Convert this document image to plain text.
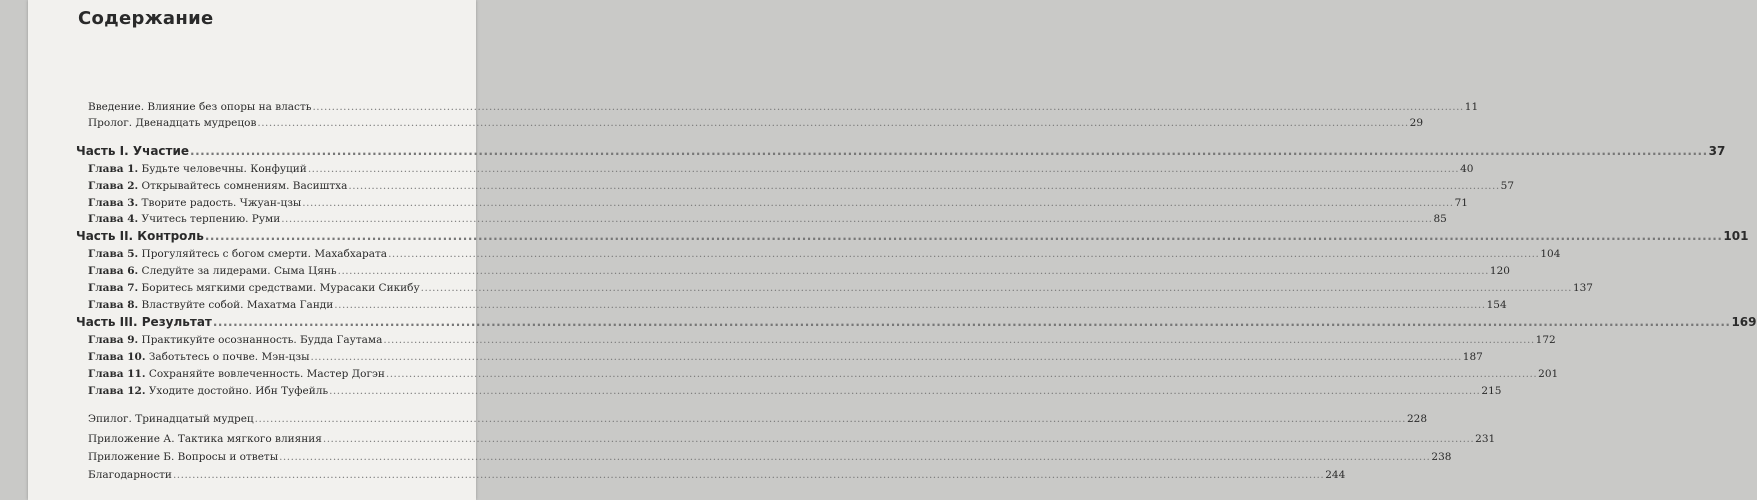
Содержание
Введение. Влияние без опоры на власть ............................................................................................................................................................................................................................................................................................................ 11
Пролог. Двенадцать мудрецов ............................................................................................................................................................................................................................................................................................................ 29
Часть I. Участие ............................................................................................................................................................................................................................................................................................................ 37
Глава 1. Будьте человечны. Конфуций ............................................................................................................................................................................................................................................................................................................ 40
Глава 2. Открывайтесь сомнениям. Васиштха ............................................................................................................................................................................................................................................................................................................ 57
Глава 3. Творите радость. Чжуан-цзы ............................................................................................................................................................................................................................................................................................................ 71
Глава 4. Учитесь терпению. Руми ............................................................................................................................................................................................................................................................................................................ 85
Часть II. Контроль ............................................................................................................................................................................................................................................................................................................ 101
Глава 5. Прогуляйтесь с богом смерти. Махабхарата ............................................................................................................................................................................................................................................................................................................ 104
Глава 6. Следуйте за лидерами. Сыма Цянь ............................................................................................................................................................................................................................................................................................................ 120
Глава 7. Боритесь мягкими средствами. Мурасаки Сикибу ............................................................................................................................................................................................................................................................................................................ 137
Глава 8. Властвуйте собой. Махатма Ганди ............................................................................................................................................................................................................................................................................................................ 154
Часть III. Результат ............................................................................................................................................................................................................................................................................................................ 169
Глава 9. Практикуйте осознанность. Будда Гаутама ............................................................................................................................................................................................................................................................................................................ 172
Глава 10. Заботьтесь о почве. Мэн-цзы ............................................................................................................................................................................................................................................................................................................ 187
Глава 11. Сохраняйте вовлеченность. Мастер Догэн ............................................................................................................................................................................................................................................................................................................ 201
Глава 12. Уходите достойно. Ибн Туфейль ............................................................................................................................................................................................................................................................................................................ 215
Эпилог. Тринадцатый мудрец ............................................................................................................................................................................................................................................................................................................ 228
Приложение А. Тактика мягкого влияния ............................................................................................................................................................................................................................................................................................................ 231
Приложение Б. Вопросы и ответы ............................................................................................................................................................................................................................................................................................................ 238
Благодарности ............................................................................................................................................................................................................................................................................................................ 244
